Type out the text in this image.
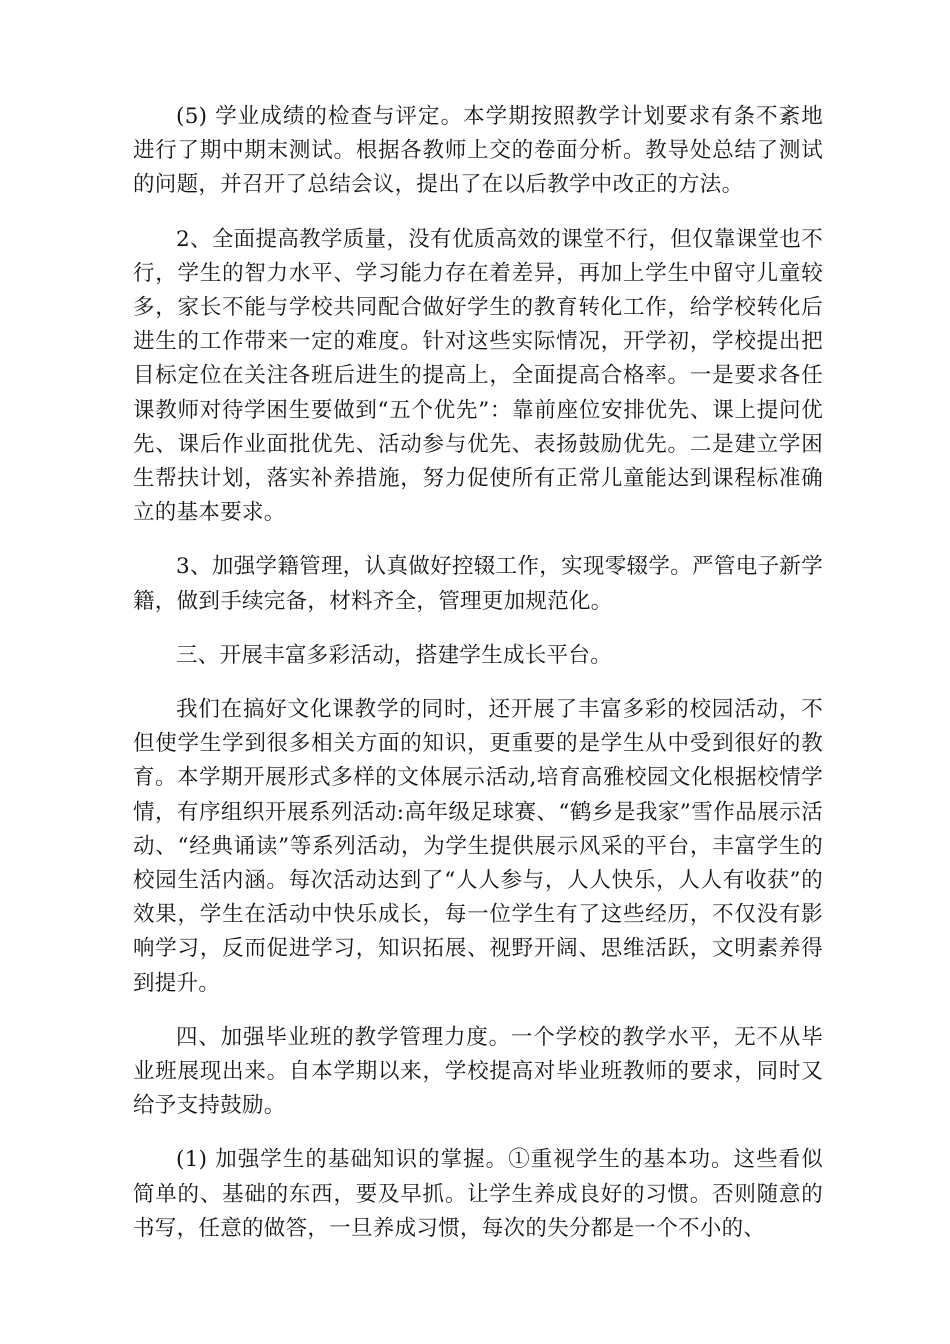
(5) 学业成绩的检查与评定。本学期按照教学计划要求有条不紊地进行了期中期末测试。根据各教师上交的卷面分析。教导处总结了测试的问题，并召开了总结会议，提出了在以后教学中改正的方法。

2、全面提高教学质量，没有优质高效的课堂不行，但仅靠课堂也不行，学生的智力水平、学习能力存在着差异，再加上学生中留守儿童较多，家长不能与学校共同配合做好学生的教育转化工作，给学校转化后进生的工作带来一定的难度。针对这些实际情况，开学初，学校提出把目标定位在关注各班后进生的提高上，全面提高合格率。一是要求各任课教师对待学困生要做到“五个优先”：靠前座位安排优先、课上提问优先、课后作业面批优先、活动参与优先、表扬鼓励优先。二是建立学困生帮扶计划，落实补养措施，努力促使所有正常儿童能达到课程标准确立的基本要求。

3、加强学籍管理，认真做好控辍工作，实现零辍学。严管电子新学籍，做到手续完备，材料齐全，管理更加规范化。

三、开展丰富多彩活动，搭建学生成长平台。

我们在搞好文化课教学的同时，还开展了丰富多彩的校园活动，不但使学生学到很多相关方面的知识，更重要的是学生从中受到很好的教育。本学期开展形式多样的文体展示活动,培育高雅校园文化根据校情学情，有序组织开展系列活动:高年级足球赛、“鹤乡是我家”雪作品展示活动、“经典诵读”等系列活动，为学生提供展示风采的平台，丰富学生的校园生活内涵。每次活动达到了“人人参与，人人快乐，人人有收获”的效果，学生在活动中快乐成长，每一位学生有了这些经历，不仅没有影响学习，反而促进学习，知识拓展、视野开阔、思维活跃，文明素养得到提升。

四、加强毕业班的教学管理力度。一个学校的教学水平，无不从毕业班展现出来。自本学期以来，学校提高对毕业班教师的要求，同时又给予支持鼓励。

(1) 加强学生的基础知识的掌握。①重视学生的基本功。这些看似简单的、基础的东西，要及早抓。让学生养成良好的习惯。否则随意的书写，任意的做答，一旦养成习惯，每次的失分都是一个不小的、
